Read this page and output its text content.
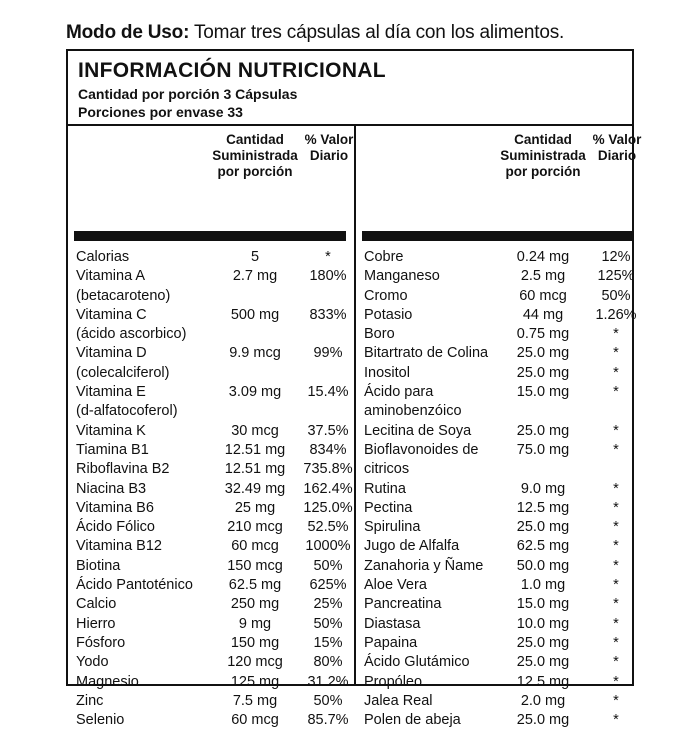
Modo de Uso: Tomar tres cápsulas al día con los alimentos.
INFORMACIÓN NUTRICIONAL
Cantidad por porción 3 Cápsulas
Porciones por envase 33
Cantidad
Suministrada
por porción
% Valor
Diario
Calorias	5	*
Vitamina A	2.7 mg	180%
(betacaroteno)
Vitamina C	500 mg	833%
(ácido ascorbico)
Vitamina D	9.9 mcg	99%
(colecalciferol)
Vitamina E	3.09 mg	15.4%
(d-alfatocoferol)
Vitamina K	30 mcg	37.5%
Tiamina B1	12.51 mg	834%
Riboflavina B2	12.51 mg	735.8%
Niacina B3	32.49 mg	162.4%
Vitamina B6	25 mg	125.0%
Ácido Fólico	210 mcg	52.5%
Vitamina B12	60 mcg	1000%
Biotina	150 mcg	50%
Ácido Pantoténico	62.5 mg	625%
Calcio	250 mg	25%
Hierro	9 mg	50%
Fósforo	150 mg	15%
Yodo	120 mcg	80%
Magnesio	125 mg	31.2%
Zinc	7.5 mg	50%
Selenio	60 mcg	85.7%
Cantidad
Suministrada
por porción
% Valor
Diario
Cobre	0.24 mg	12%
Manganeso	2.5 mg	125%
Cromo	60 mcg	50%
Potasio	44 mg	1.26%
Boro	0.75 mg	*
Bitartrato de Colina	25.0 mg	*
Inositol	25.0 mg	*
Ácido para	15.0 mg	*
aminobenzóico
Lecitina de Soya	25.0 mg	*
Bioflavonoides de	75.0 mg	*
citricos
Rutina	9.0 mg	*
Pectina	12.5 mg	*
Spirulina	25.0 mg	*
Jugo de Alfalfa	62.5 mg	*
Zanahoria y Ñame	50.0 mg	*
Aloe Vera	1.0 mg	*
Pancreatina	15.0 mg	*
Diastasa	10.0 mg	*
Papaina	25.0 mg	*
Ácido Glutámico	25.0 mg	*
Propóleo	12.5 mg	*
Jalea Real	2.0 mg	*
Polen de abeja	25.0 mg	*
